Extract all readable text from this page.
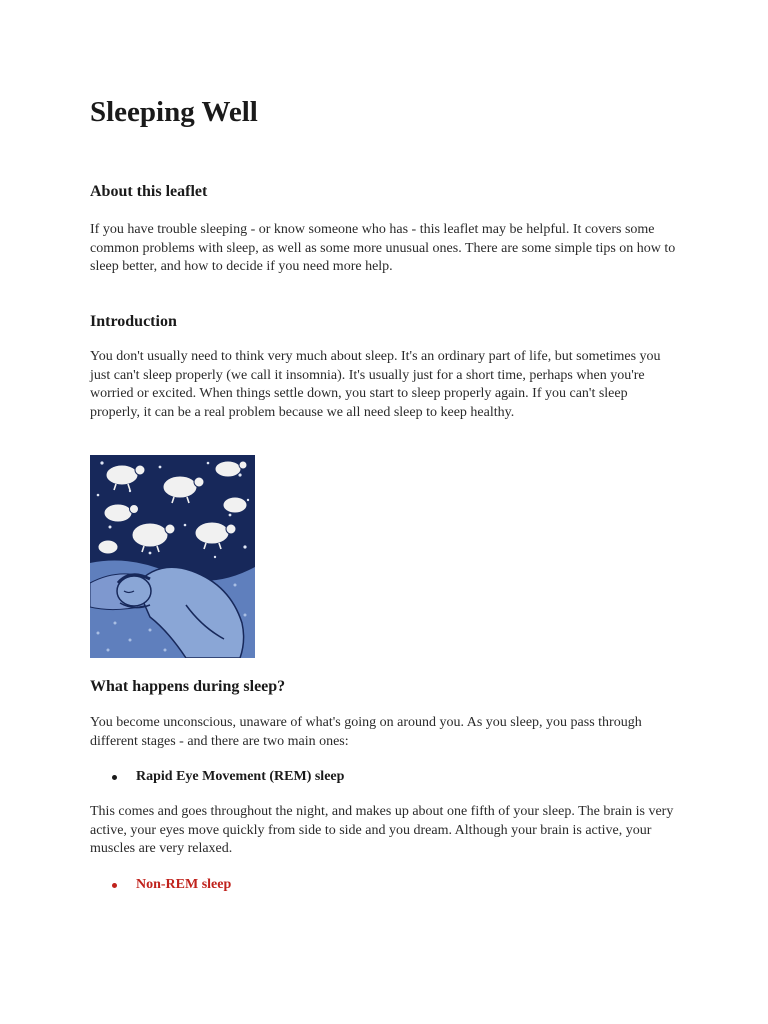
Sleeping Well
About this leaflet

If you have trouble sleeping - or know someone who has - this leaflet may be helpful. It covers some common problems with sleep, as well as some more unusual ones. There are some simple tips on how to sleep better, and how to decide if you need more help.

Introduction

You don't usually need to think very much about sleep. It's an ordinary part of life, but sometimes you just can't sleep properly (we call it insomnia). It's usually just for a short time, perhaps when you're worried or excited. When things settle down, you start to sleep properly again. If you can't sleep properly, it can be a real problem because we all need sleep to keep healthy.

What happens during sleep?

You become unconscious, unaware of what's going on around you. As you sleep, you pass through different stages - and there are two main ones:

Rapid Eye Movement (REM) sleep

This comes and goes throughout the night, and makes up about one fifth of your sleep. The brain is very active, your eyes move quickly from side to side and you dream. Although your brain is active, your muscles are very relaxed.

Non-REM sleep
